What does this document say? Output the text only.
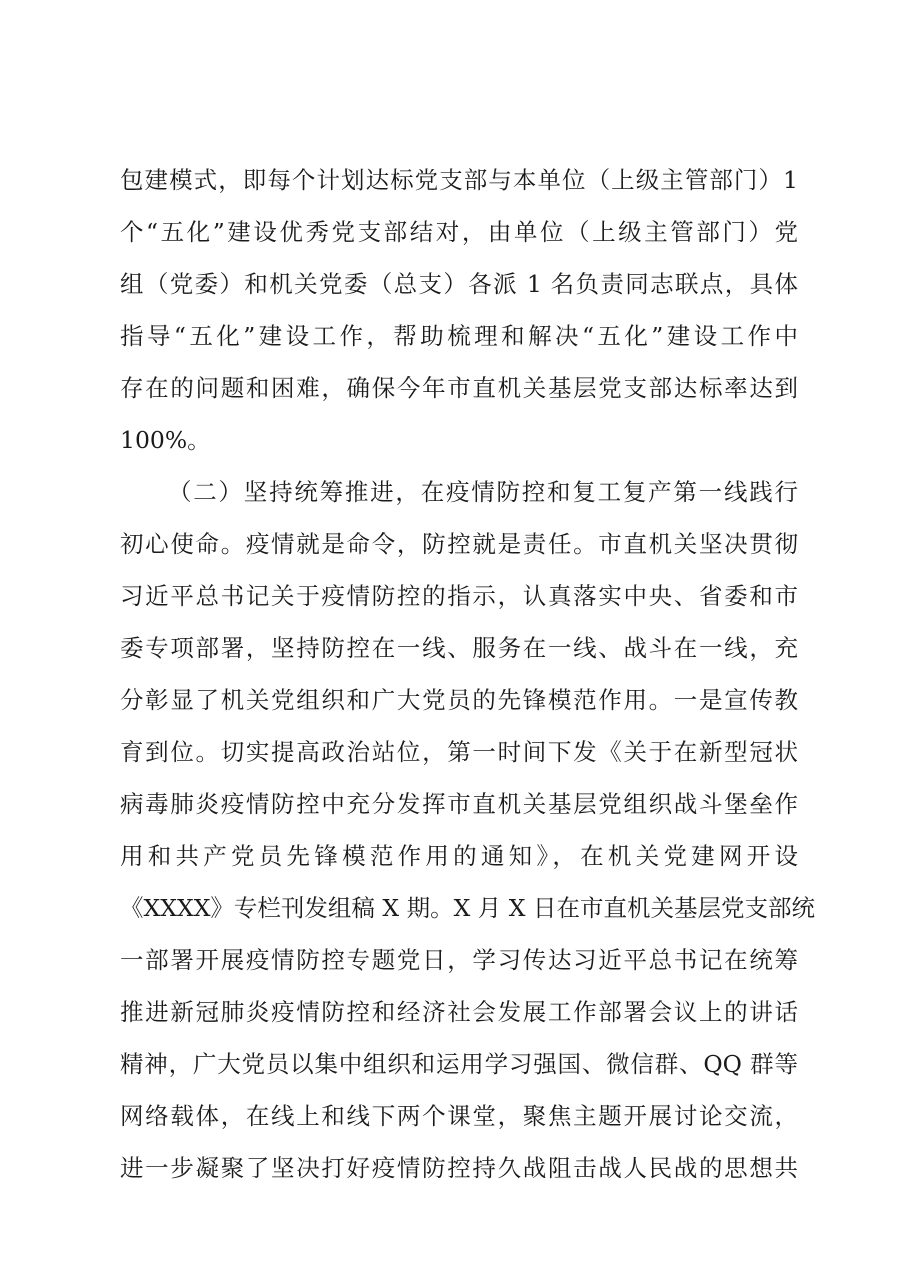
包建模式，即每个计划达标党支部与本单位（上级主管部门）1
个“五化”建设优秀党支部结对，由单位（上级主管部门）党
组（党委）和机关党委（总支）各派 1 名负责同志联点，具体
指导“五化”建设工作，帮助梳理和解决“五化”建设工作中
存在的问题和困难，确保今年市直机关基层党支部达标率达到
100%。
（二）坚持统筹推进，在疫情防控和复工复产第一线践行
初心使命。疫情就是命令，防控就是责任。市直机关坚决贯彻
习近平总书记关于疫情防控的指示，认真落实中央、省委和市
委专项部署，坚持防控在一线、服务在一线、战斗在一线，充
分彰显了机关党组织和广大党员的先锋模范作用。一是宣传教
育到位。切实提高政治站位，第一时间下发《关于在新型冠状
病毒肺炎疫情防控中充分发挥市直机关基层党组织战斗堡垒作
用和共产党员先锋模范作用的通知》，在机关党建网开设
《XXXX》专栏刊发组稿 X 期。X 月 X 日在市直机关基层党支部统
一部署开展疫情防控专题党日，学习传达习近平总书记在统筹
推进新冠肺炎疫情防控和经济社会发展工作部署会议上的讲话
精神，广大党员以集中组织和运用学习强国、微信群、QQ 群等
网络载体，在线上和线下两个课堂，聚焦主题开展讨论交流，
进一步凝聚了坚决打好疫情防控持久战阻击战人民战的思想共
